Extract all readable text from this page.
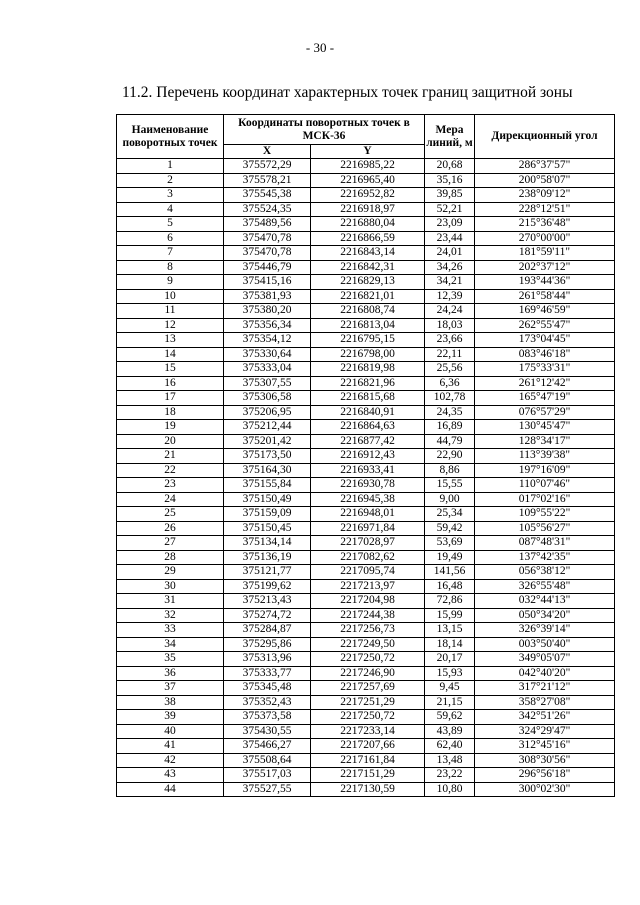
- 30 -
11.2. Перечень координат характерных точек границ защитной зоны
Наименование поворотных точек	Координаты поворотных точек в МСК-36		Мера линий, м	Дирекционный угол
	X	Y		
1	375572,29	2216985,22	20,68	286°37'57"
2	375578,21	2216965,40	35,16	200°58'07"
3	375545,38	2216952,82	39,85	238°09'12"
4	375524,35	2216918,97	52,21	228°12'51"
5	375489,56	2216880,04	23,09	215°36'48"
6	375470,78	2216866,59	23,44	270°00'00"
7	375470,78	2216843,14	24,01	181°59'11"
8	375446,79	2216842,31	34,26	202°37'12"
9	375415,16	2216829,13	34,21	193°44'36"
10	375381,93	2216821,01	12,39	261°58'44"
11	375380,20	2216808,74	24,24	169°46'59"
12	375356,34	2216813,04	18,03	262°55'47"
13	375354,12	2216795,15	23,66	173°04'45"
14	375330,64	2216798,00	22,11	083°46'18"
15	375333,04	2216819,98	25,56	175°33'31"
16	375307,55	2216821,96	6,36	261°12'42"
17	375306,58	2216815,68	102,78	165°47'19"
18	375206,95	2216840,91	24,35	076°57'29"
19	375212,44	2216864,63	16,89	130°45'47"
20	375201,42	2216877,42	44,79	128°34'17"
21	375173,50	2216912,43	22,90	113°39'38"
22	375164,30	2216933,41	8,86	197°16'09"
23	375155,84	2216930,78	15,55	110°07'46"
24	375150,49	2216945,38	9,00	017°02'16"
25	375159,09	2216948,01	25,34	109°55'22"
26	375150,45	2216971,84	59,42	105°56'27"
27	375134,14	2217028,97	53,69	087°48'31"
28	375136,19	2217082,62	19,49	137°42'35"
29	375121,77	2217095,74	141,56	056°38'12"
30	375199,62	2217213,97	16,48	326°55'48"
31	375213,43	2217204,98	72,86	032°44'13"
32	375274,72	2217244,38	15,99	050°34'20"
33	375284,87	2217256,73	13,15	326°39'14"
34	375295,86	2217249,50	18,14	003°50'40"
35	375313,96	2217250,72	20,17	349°05'07"
36	375333,77	2217246,90	15,93	042°40'20"
37	375345,48	2217257,69	9,45	317°21'12"
38	375352,43	2217251,29	21,15	358°27'08"
39	375373,58	2217250,72	59,62	342°51'26"
40	375430,55	2217233,14	43,89	324°29'47"
41	375466,27	2217207,66	62,40	312°45'16"
42	375508,64	2217161,84	13,48	308°30'56"
43	375517,03	2217151,29	23,22	296°56'18"
44	375527,55	2217130,59	10,80	300°02'30"
